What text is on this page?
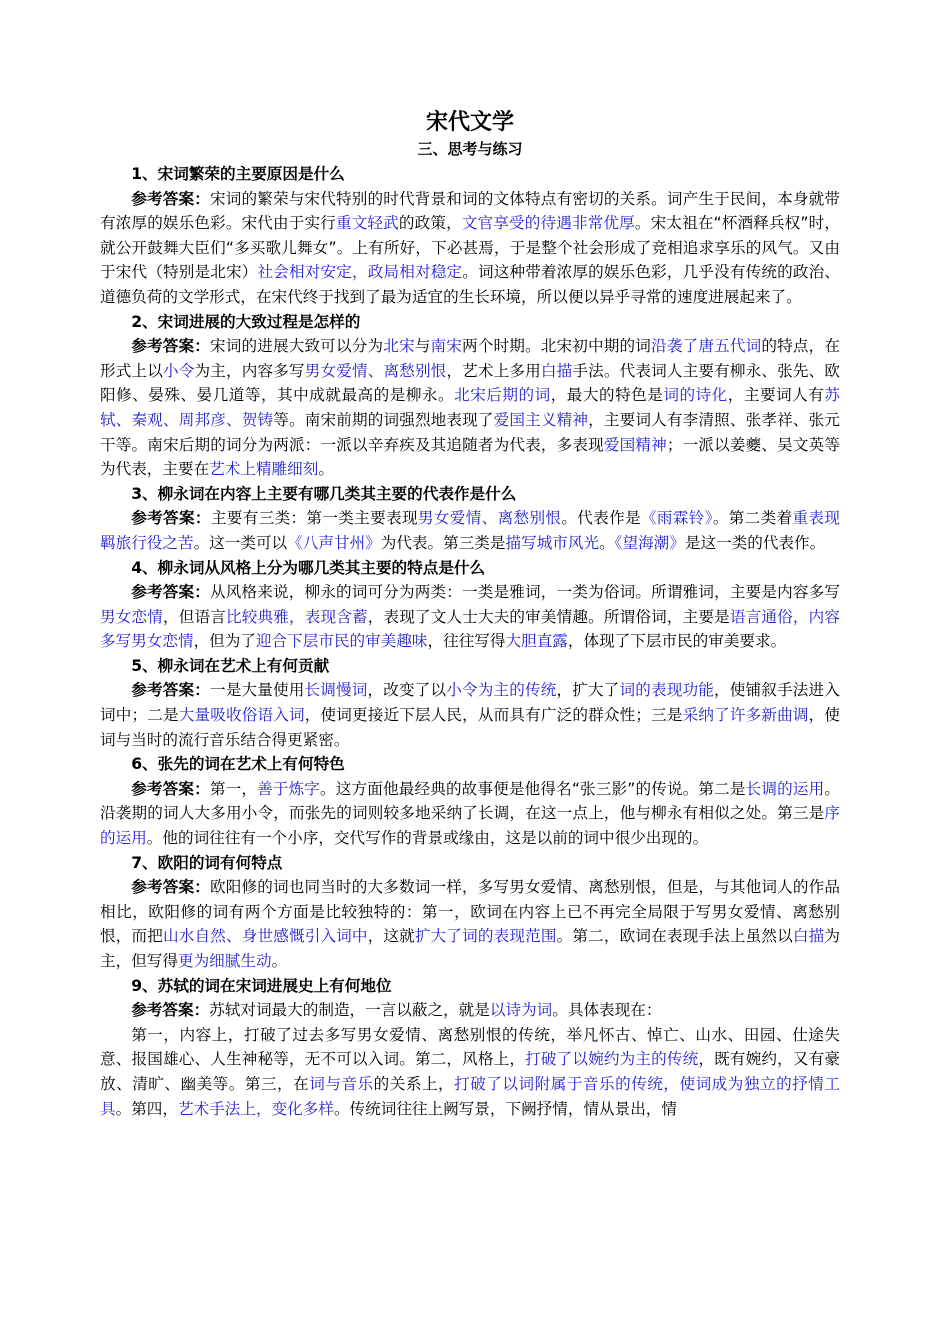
宋代文学
三、思考与练习

1、宋词繁荣的主要原因是什么

参考答案：宋词的繁荣与宋代特别的时代背景和词的文体特点有密切的关系。词产生于民间，本身就带有浓厚的娱乐色彩。宋代由于实行重文轻武的政策，文官享受的待遇非常优厚。宋太祖在“杯酒释兵权”时，就公开鼓舞大臣们“多买歌儿舞女”。上有所好，下必甚焉，于是整个社会形成了竞相追求享乐的风气。又由于宋代（特别是北宋）社会相对安定，政局相对稳定。词这种带着浓厚的娱乐色彩，几乎没有传统的政治、道德负荷的文学形式，在宋代终于找到了最为适宜的生长环境，所以便以异乎寻常的速度进展起来了。

2、宋词进展的大致过程是怎样的

参考答案：宋词的进展大致可以分为北宋与南宋两个时期。北宋初中期的词沿袭了唐五代词的特点，在形式上以小令为主，内容多写男女爱情、离愁别恨，艺术上多用白描手法。代表词人主要有柳永、张先、欧阳修、晏殊、晏几道等，其中成就最高的是柳永。北宋后期的词，最大的特色是词的诗化，主要词人有苏轼、秦观、周邦彦、贺铸等。南宋前期的词强烈地表现了爱国主义精神，主要词人有李清照、张孝祥、张元干等。南宋后期的词分为两派：一派以辛弃疾及其追随者为代表，多表现爱国精神；一派以姜夔、吴文英等为代表，主要在艺术上精雕细刻。

3、柳永词在内容上主要有哪几类其主要的代表作是什么

参考答案：主要有三类：第一类主要表现男女爱情、离愁别恨。代表作是《雨霖铃》。第二类着重表现羁旅行役之苦。这一类可以《八声甘州》为代表。第三类是描写城市风光。《望海潮》是这一类的代表作。

4、柳永词从风格上分为哪几类其主要的特点是什么

参考答案：从风格来说，柳永的词可分为两类：一类是雅词，一类为俗词。所谓雅词，主要是内容多写男女恋情，但语言比较典雅，表现含蓄，表现了文人士大夫的审美情趣。所谓俗词，主要是语言通俗，内容多写男女恋情，但为了迎合下层市民的审美趣味，往往写得大胆直露，体现了下层市民的审美要求。

5、柳永词在艺术上有何贡献

参考答案：一是大量使用长调慢词，改变了以小令为主的传统，扩大了词的表现功能，使铺叙手法进入词中；二是大量吸收俗语入词，使词更接近下层人民，从而具有广泛的群众性；三是采纳了许多新曲调，使词与当时的流行音乐结合得更紧密。

6、张先的词在艺术上有何特色

参考答案：第一，善于炼字。这方面他最经典的故事便是他得名“张三影”的传说。第二是长调的运用。沿袭期的词人大多用小令，而张先的词则较多地采纳了长调，在这一点上，他与柳永有相似之处。第三是序的运用。他的词往往有一个小序，交代写作的背景或缘由，这是以前的词中很少出现的。

7、欧阳的词有何特点

参考答案：欧阳修的词也同当时的大多数词一样，多写男女爱情、离愁别恨，但是，与其他词人的作品相比，欧阳修的词有两个方面是比较独特的：第一，欧词在内容上已不再完全局限于写男女爱情、离愁别恨，而把山水自然、身世感慨引入词中，这就扩大了词的表现范围。第二，欧词在表现手法上虽然以白描为主，但写得更为细腻生动。

9、苏轼的词在宋词进展史上有何地位

参考答案：苏轼对词最大的制造，一言以蔽之，就是以诗为词。具体表现在：

第一，内容上，打破了过去多写男女爱情、离愁别恨的传统，举凡怀古、悼亡、山水、田园、仕途失意、报国雄心、人生神秘等，无不可以入词。第二，风格上，打破了以婉约为主的传统，既有婉约，又有豪放、清旷、幽美等。第三，在词与音乐的关系上，打破了以词附属于音乐的传统，使词成为独立的抒情工具。第四，艺术手法上，变化多样。传统词往往上阙写景，下阙抒情，情从景出，情
